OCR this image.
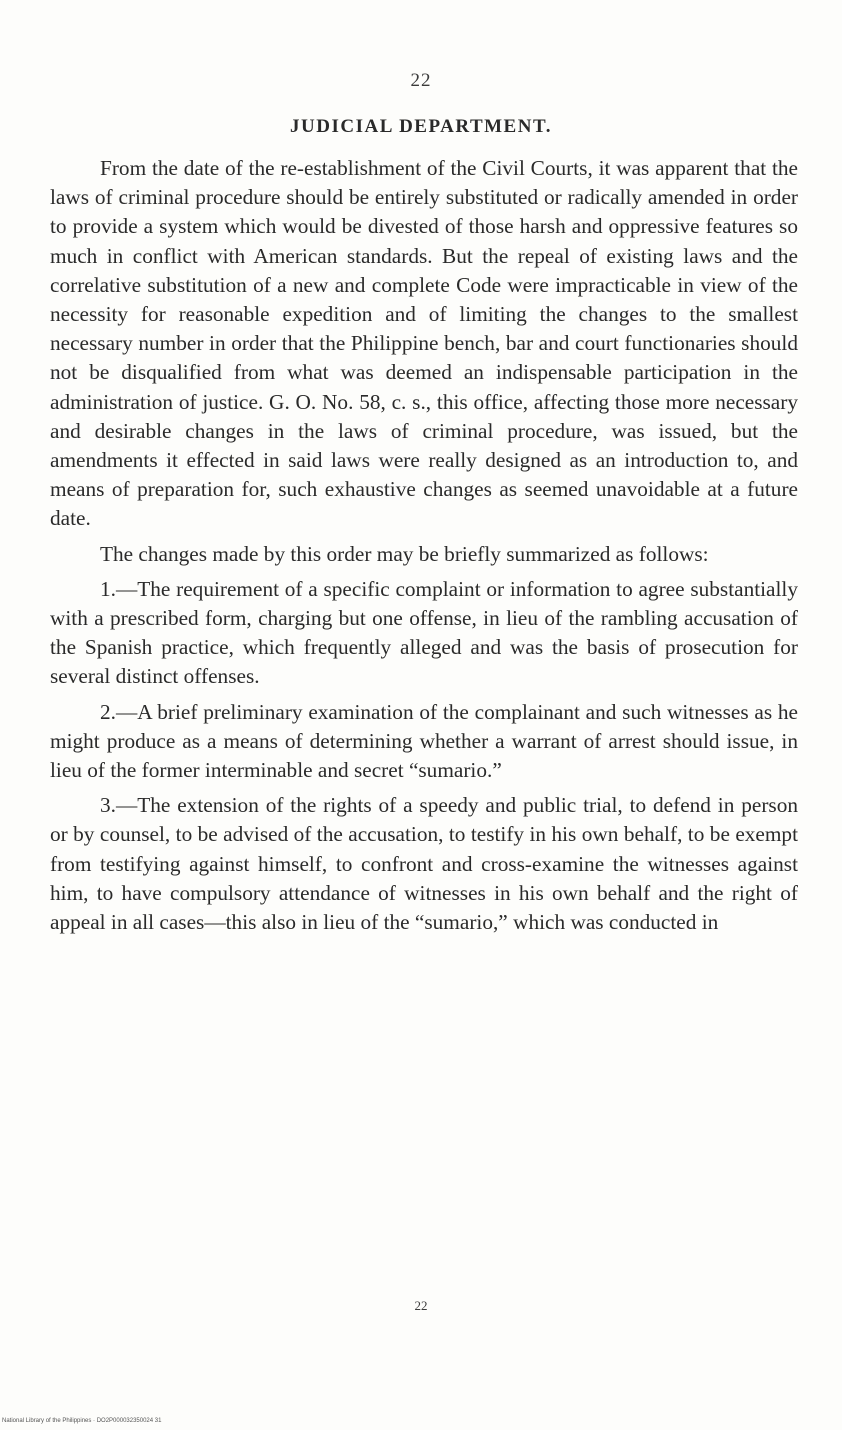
22
JUDICIAL DEPARTMENT.

From the date of the re-establishment of the Civil Courts, it was apparent that the laws of criminal procedure should be entirely substituted or radically amended in order to provide a system which would be divested of those harsh and oppressive features so much in conflict with American standards. But the repeal of existing laws and the correlative substitution of a new and complete Code were impracticable in view of the necessity for reasonable expedition and of limiting the changes to the smallest necessary number in order that the Philippine bench, bar and court functionaries should not be disqualified from what was deemed an indispensable participation in the administration of justice. G. O. No. 58, c. s., this office, affecting those more necessary and desirable changes in the laws of criminal procedure, was issued, but the amendments it effected in said laws were really designed as an introduction to, and means of preparation for, such exhaustive changes as seemed unavoidable at a future date.

The changes made by this order may be briefly summarized as follows:

1.—The requirement of a specific complaint or information to agree substantially with a prescribed form, charging but one offense, in lieu of the rambling accusation of the Spanish practice, which frequently alleged and was the basis of prosecution for several distinct offenses.

2.—A brief preliminary examination of the complainant and such witnesses as he might produce as a means of determining whether a warrant of arrest should issue, in lieu of the former interminable and secret “sumario.”

3.—The extension of the rights of a speedy and public trial, to defend in person or by counsel, to be advised of the accusation, to testify in his own behalf, to be exempt from testifying against himself, to confront and cross-examine the witnesses against him, to have compulsory attendance of witnesses in his own behalf and the right of appeal in all cases—this also in lieu of the “sumario,” which was conducted in

22
National Library of the Philippines · DO2P000032350024 31
